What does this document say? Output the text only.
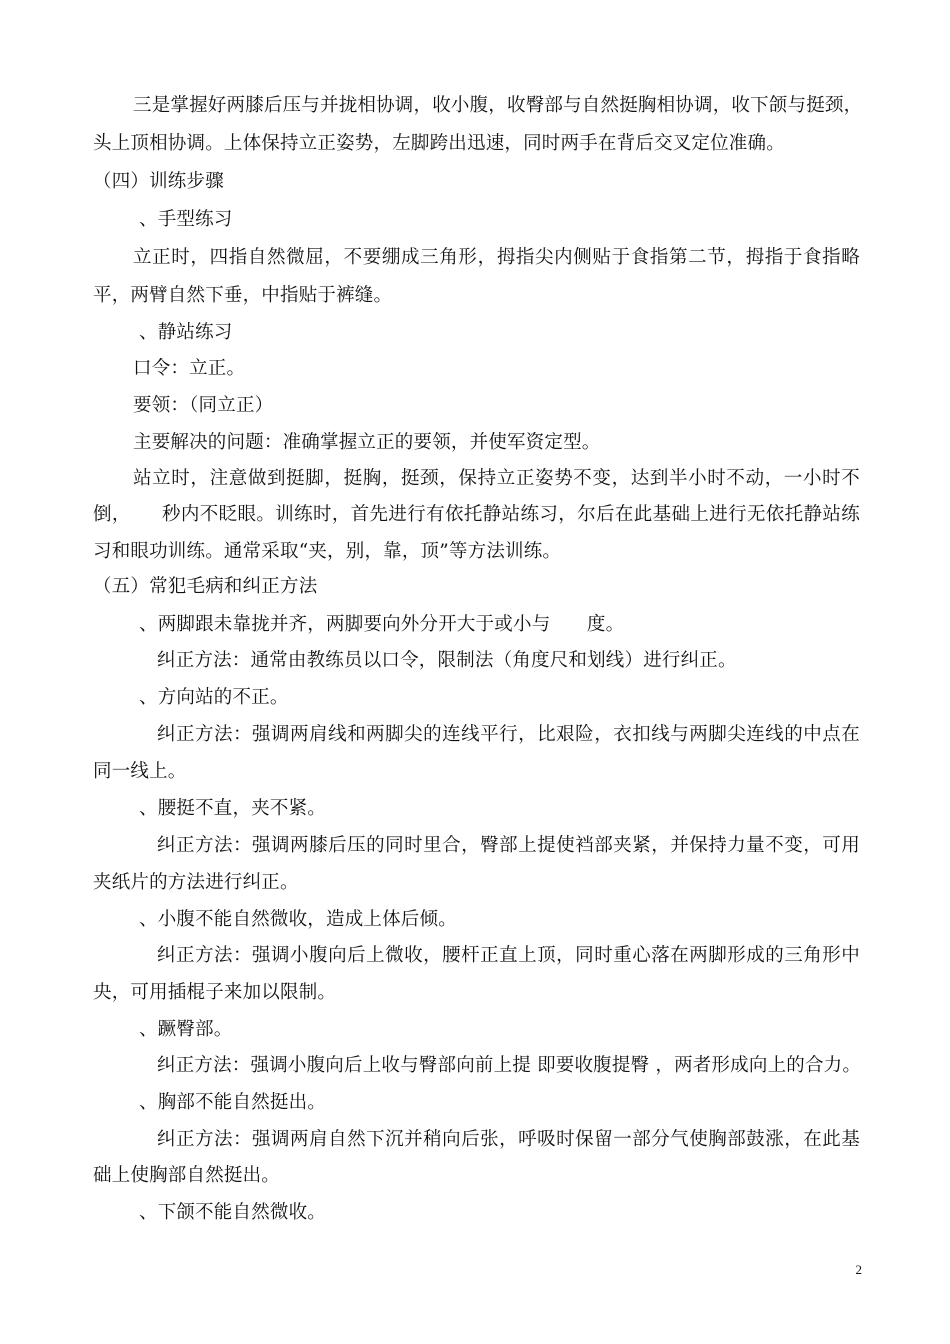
三是掌握好两膝后压与并拢相协调，收小腹，收臀部与自然挺胸相协调，收下颌与挺颈，
头上顶相协调。上体保持立正姿势，左脚跨出迅速，同时两手在背后交叉定位准确。
（四）训练步骤
、手型练习
立正时，四指自然微屈，不要绷成三角形，拇指尖内侧贴于食指第二节，拇指于食指略
平，两臂自然下垂，中指贴于裤缝。
、静站练习
口令：立正。
要领：（同立正）
主要解决的问题：准确掌握立正的要领，并使军资定型。
站立时，注意做到挺脚，挺胸，挺颈，保持立正姿势不变，达到半小时不动，一小时不
倒，     秒内不眨眼。训练时，首先进行有依托静站练习，尔后在此基础上进行无依托静站练
习和眼功训练。通常采取“夹，别，靠，顶”等方法训练。
（五）常犯毛病和纠正方法
、两脚跟未靠拢并齐，两脚要向外分开大于或小与      度。
纠正方法：通常由教练员以口令，限制法（角度尺和划线）进行纠正。
、方向站的不正。
纠正方法：强调两肩线和两脚尖的连线平行，比艰险，衣扣线与两脚尖连线的中点在
同一线上。
、腰挺不直，夹不紧。
纠正方法：强调两膝后压的同时里合，臀部上提使裆部夹紧，并保持力量不变，可用
夹纸片的方法进行纠正。
、小腹不能自然微收，造成上体后倾。
纠正方法：强调小腹向后上微收，腰杆正直上顶，同时重心落在两脚形成的三角形中
央，可用插棍子来加以限制。
、蹶臀部。
纠正方法：强调小腹向后上收与臀部向前上提 即要收腹提臀 ，两者形成向上的合力。
、胸部不能自然挺出。
纠正方法：强调两肩自然下沉并稍向后张，呼吸时保留一部分气使胸部鼓涨，在此基
础上使胸部自然挺出。
、下颌不能自然微收。
2
